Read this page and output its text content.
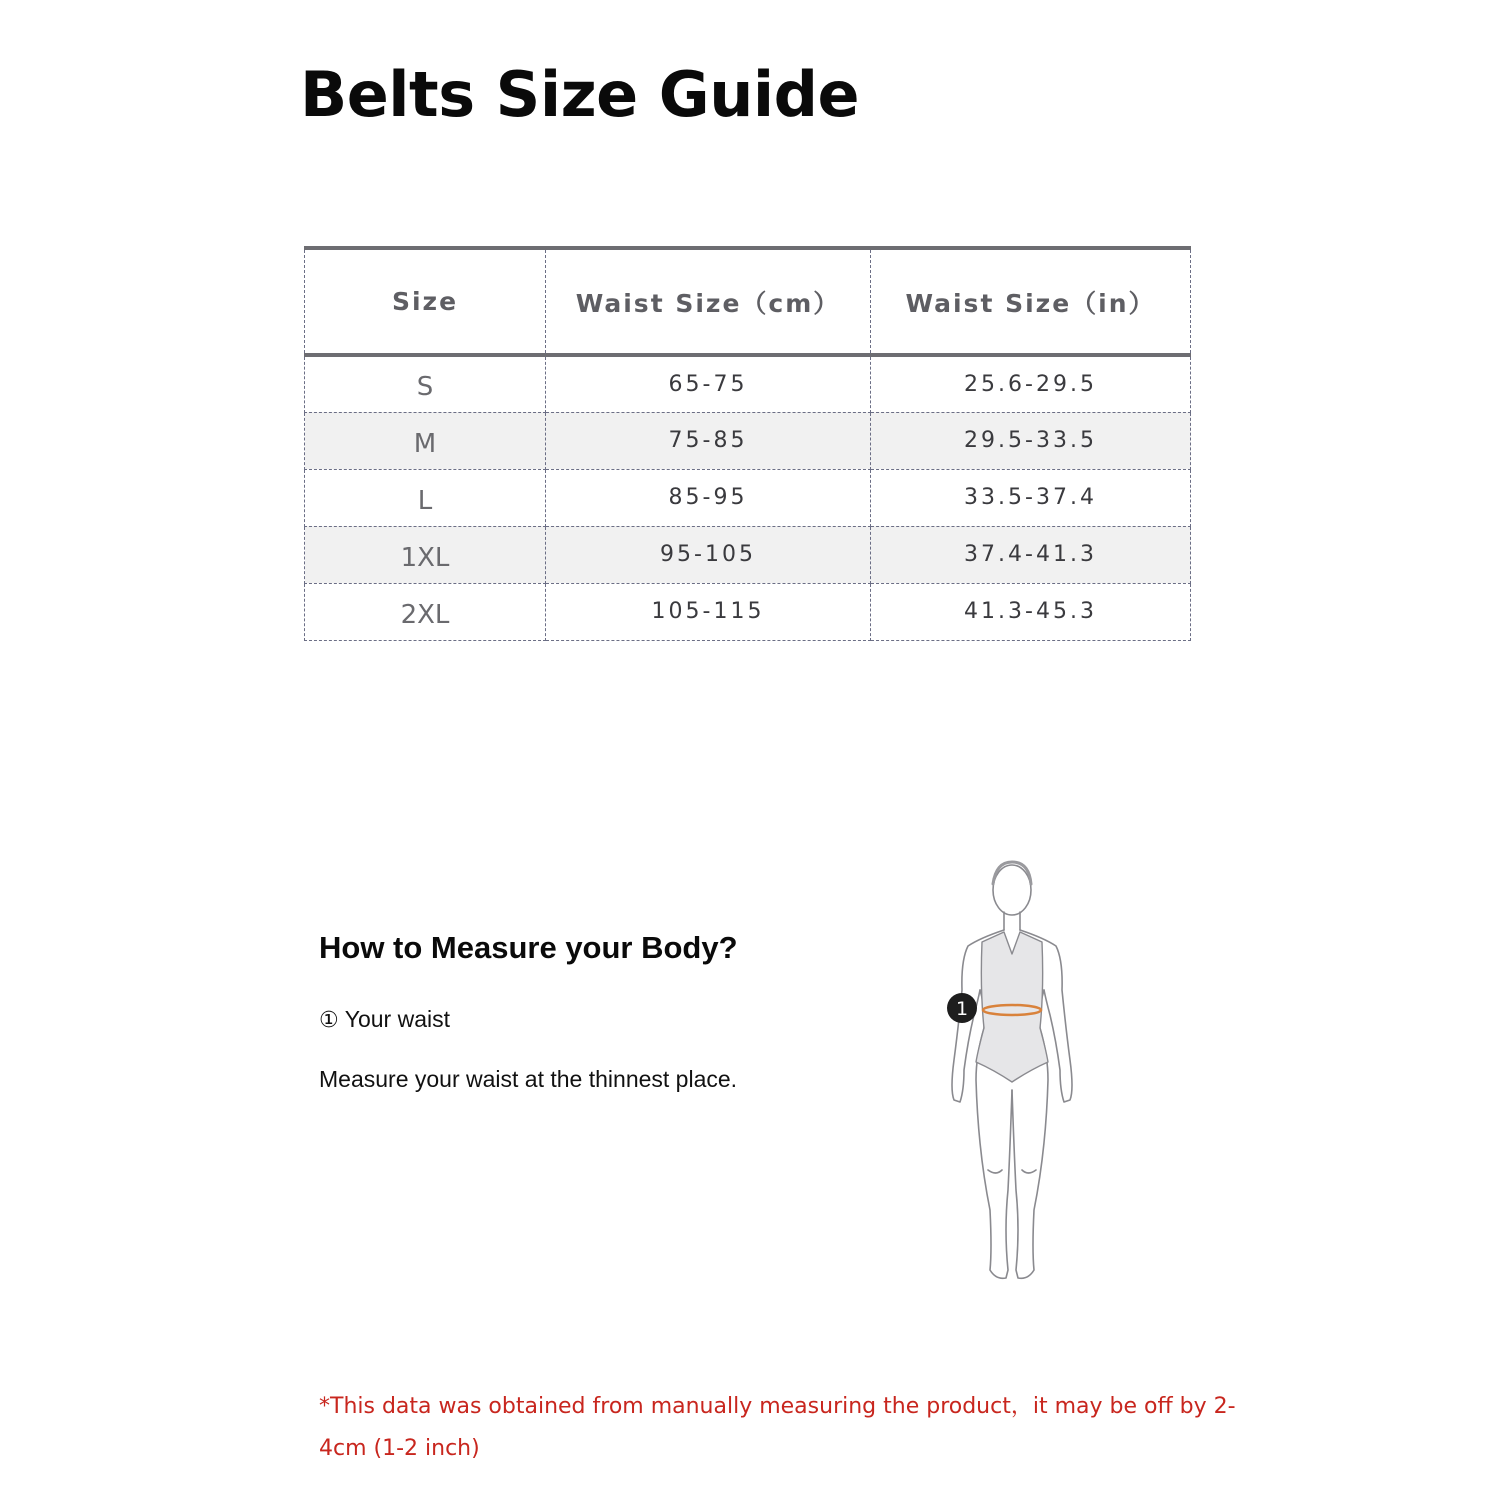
Belts Size Guide
Size	Waist Size（cm）	Waist Size（in）
S	65-75	25.6-29.5
M	75-85	29.5-33.5
L	85-95	33.5-37.4
1XL	95-105	37.4-41.3
2XL	105-115	41.3-45.3
How to Measure your Body?
① Your waist
Measure your waist at the thinnest place.
1
*This data was obtained from manually measuring the product，it may be off by 2-4cm (1-2 inch)
